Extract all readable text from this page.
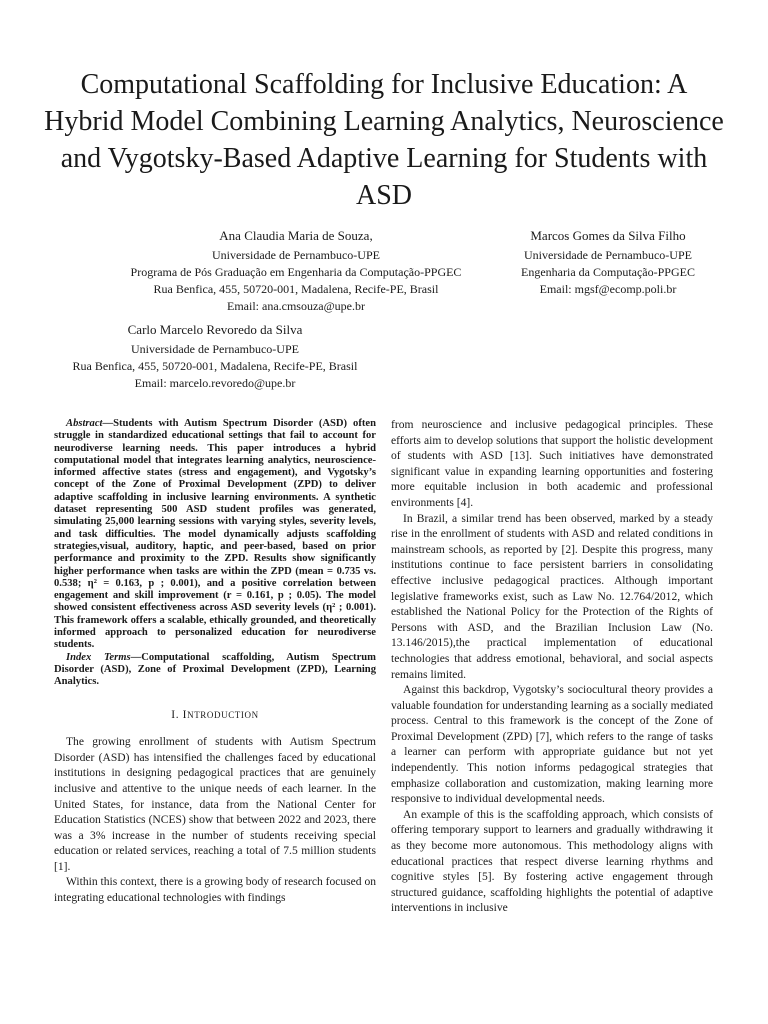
Computational Scaffolding for Inclusive Education: A Hybrid Model Combining Learning Analytics, Neuroscience and Vygotsky-Based Adaptive Learning for Students with ASD
Ana Claudia Maria de Souza,
Universidade de Pernambuco-UPE
Programa de Pós Graduação em Engenharia da Computação-PPGEC
Rua Benfica, 455, 50720-001, Madalena, Recife-PE, Brasil
Email: ana.cmsouza@upe.br
Marcos Gomes da Silva Filho
Universidade de Pernambuco-UPE
Engenharia da Computação-PPGEC
Email: mgsf@ecomp.poli.br
Carlo Marcelo Revoredo da Silva
Universidade de Pernambuco-UPE
Rua Benfica, 455, 50720-001, Madalena, Recife-PE, Brasil
Email: marcelo.revoredo@upe.br

Abstract—Students with Autism Spectrum Disorder (ASD) often struggle in standardized educational settings that fail to account for neurodiverse learning needs. This paper introduces a hybrid computational model that integrates learning analytics, neuroscience-informed affective states (stress and engagement), and Vygotsky’s concept of the Zone of Proximal Development (ZPD) to deliver adaptive scaffolding in inclusive learning environments. A synthetic dataset representing 500 ASD student profiles was generated, simulating 25,000 learning sessions with varying styles, severity levels, and task difficulties. The model dynamically adjusts scaffolding strategies,visual, auditory, haptic, and peer-based, based on prior performance and proximity to the ZPD. Results show significantly higher performance when tasks are within the ZPD (mean = 0.735 vs. 0.538; η² = 0.163, p ; 0.001), and a positive correlation between engagement and skill improvement (r = 0.161, p ; 0.05). The model showed consistent effectiveness across ASD severity levels (η² ; 0.001). This framework offers a scalable, ethically grounded, and theoretically informed approach to personalized education for neurodiverse students.

Index Terms—Computational scaffolding, Autism Spectrum Disorder (ASD), Zone of Proximal Development (ZPD), Learning Analytics.

I. INTRODUCTION

The growing enrollment of students with Autism Spectrum Disorder (ASD) has intensified the challenges faced by educational institutions in designing pedagogical practices that are genuinely inclusive and attentive to the unique needs of each learner. In the United States, for instance, data from the National Center for Education Statistics (NCES) show that between 2022 and 2023, there was a 3% increase in the number of students receiving special education or related services, reaching a total of 7.5 million students [1].

Within this context, there is a growing body of research focused on integrating educational technologies with findings

from neuroscience and inclusive pedagogical principles. These efforts aim to develop solutions that support the holistic development of students with ASD [13]. Such initiatives have demonstrated significant value in expanding learning opportunities and fostering more equitable inclusion in both academic and professional environments [4].

In Brazil, a similar trend has been observed, marked by a steady rise in the enrollment of students with ASD and related conditions in mainstream schools, as reported by [2]. Despite this progress, many institutions continue to face persistent barriers in consolidating effective inclusive pedagogical practices. Although important legislative frameworks exist, such as Law No. 12.764/2012, which established the National Policy for the Protection of the Rights of Persons with ASD, and the Brazilian Inclusion Law (No. 13.146/2015),the practical implementation of educational technologies that address emotional, behavioral, and social aspects remains limited.

Against this backdrop, Vygotsky’s sociocultural theory provides a valuable foundation for understanding learning as a socially mediated process. Central to this framework is the concept of the Zone of Proximal Development (ZPD) [7], which refers to the range of tasks a learner can perform with appropriate guidance but not yet independently. This notion informs pedagogical strategies that emphasize collaboration and customization, making learning more responsive to individual developmental needs.

An example of this is the scaffolding approach, which consists of offering temporary support to learners and gradually withdrawing it as they become more autonomous. This methodology aligns with educational practices that respect diverse learning rhythms and cognitive styles [5]. By fostering active engagement through structured guidance, scaffolding highlights the potential of adaptive interventions in inclusive
